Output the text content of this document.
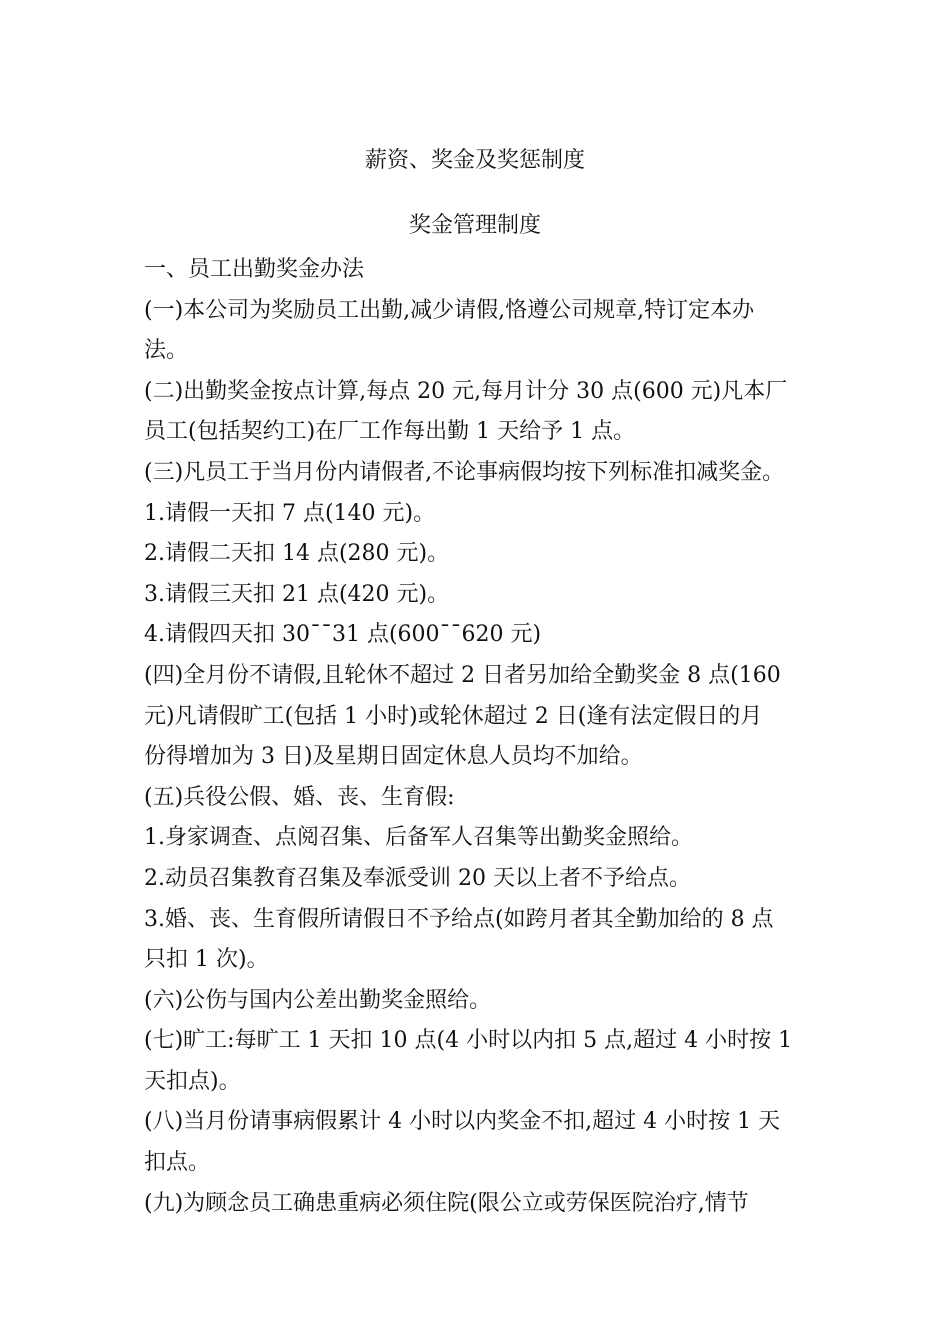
薪资、奖金及奖惩制度
奖金管理制度
一、员工出勤奖金办法
(一)本公司为奖励员工出勤,减少请假,恪遵公司规章,特订定本办
法。
(二)出勤奖金按点计算,每点 20 元,每月计分 30 点(600 元)凡本厂
员工(包括契约工)在厂工作每出勤 1 天给予 1 点。
(三)凡员工于当月份内请假者,不论事病假均按下列标准扣减奖金。
1.请假一天扣 7 点(140 元)。
2.请假二天扣 14 点(280 元)。
3.请假三天扣 21 点(420 元)。
4.请假四天扣 30¯¯31 点(600¯¯620 元)
(四)全月份不请假,且轮休不超过 2 日者另加给全勤奖金 8 点(160
元)凡请假旷工(包括 1 小时)或轮休超过 2 日(逢有法定假日的月
份得增加为 3 日)及星期日固定休息人员均不加给。
(五)兵役公假、婚、丧、生育假:
1.身家调查、点阅召集、后备军人召集等出勤奖金照给。
2.动员召集教育召集及奉派受训 20 天以上者不予给点。
3.婚、丧、生育假所请假日不予给点(如跨月者其全勤加给的 8 点
只扣 1 次)。
(六)公伤与国内公差出勤奖金照给。
(七)旷工:每旷工 1 天扣 10 点(4 小时以内扣 5 点,超过 4 小时按 1
天扣点)。
(八)当月份请事病假累计 4 小时以内奖金不扣,超过 4 小时按 1 天
扣点。
(九)为顾念员工确患重病必须住院(限公立或劳保医院治疗,情节
